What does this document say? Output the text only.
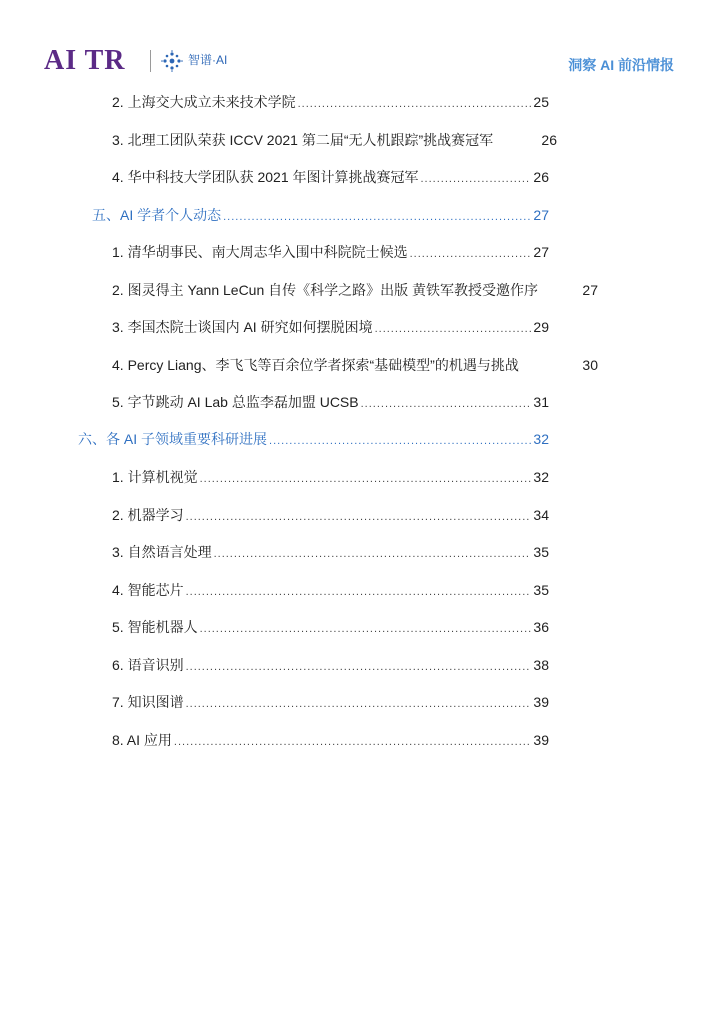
AI TR	智谱·AI	洞察 AI 前沿情报
2. 上海交大成立未来技术学院 .....	25
3. 北理工团队荣获 ICCV 2021 第二届“无人机跟踪”挑战赛冠军	26
4. 华中科技大学团队获 2021 年图计算挑战赛冠军 .....	26
五、AI 学者个人动态 .....	27
1. 清华胡事民、南大周志华入围中科院院士候选 .....	27
2. 图灵得主 Yann LeCun 自传《科学之路》出版 黄铁军教授受邀作序	27
3. 李国杰院士谈国内 AI 研究如何摆脱困境 .....	29
4. Percy Liang、李飞飞等百余位学者探索“基础模型”的机遇与挑战	30
5. 字节跳动 AI Lab 总监李磊加盟 UCSB .....	31
六、各 AI 子领域重要科研进展 .....	32
1. 计算机视觉 .....	32
2. 机器学习 .....	34
3. 自然语言处理 .....	35
4. 智能芯片 .....	35
5. 智能机器人 .....	36
6. 语音识别 .....	38
7. 知识图谱 .....	39
8. AI 应用 .....	39
